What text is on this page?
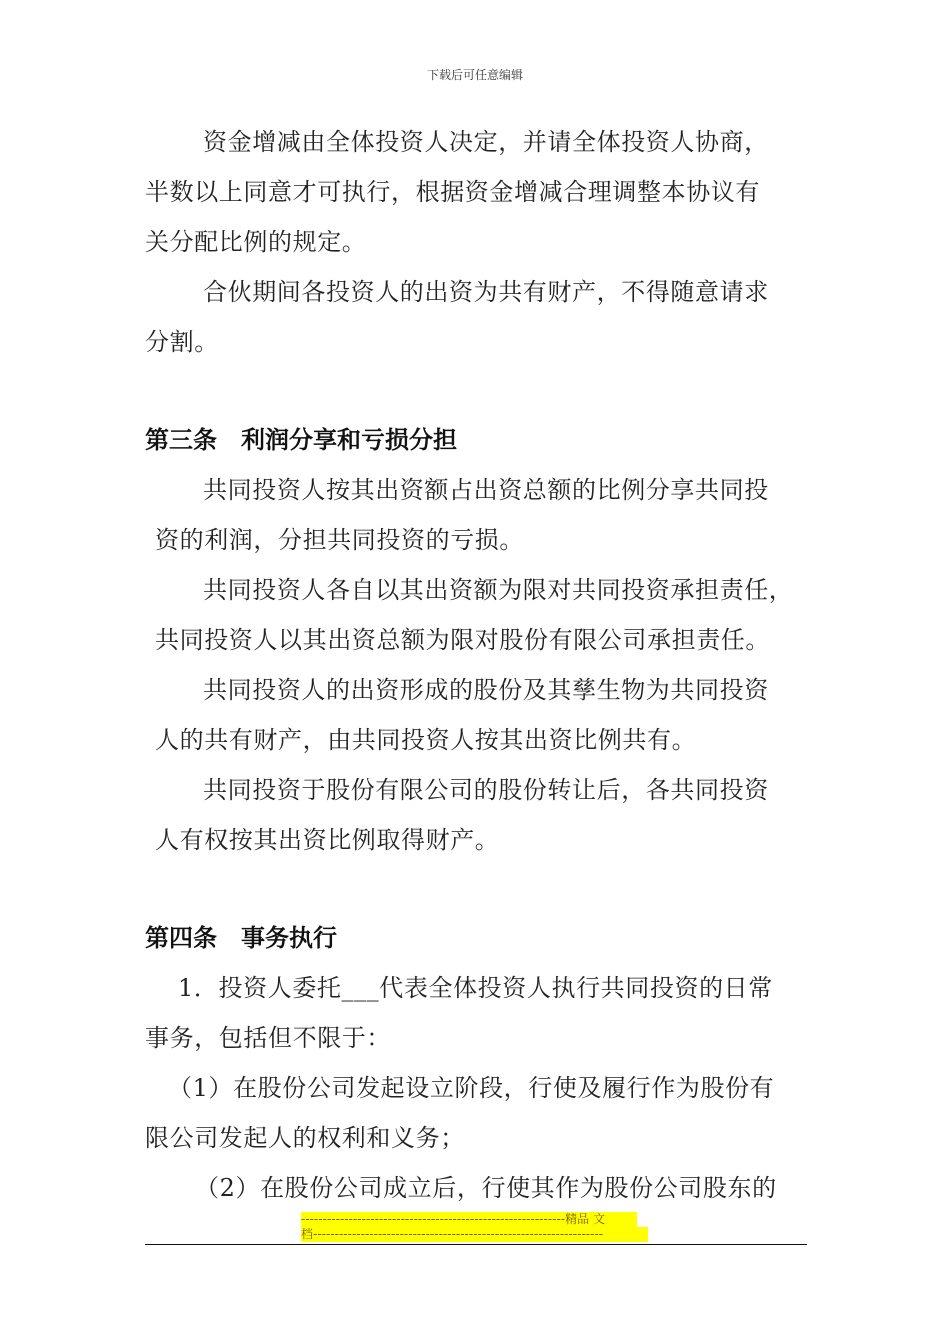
下载后可任意编辑
资金增减由全体投资人决定，并请全体投资人协商，
半数以上同意才可执行，根据资金增减合理调整本协议有
关分配比例的规定。
合伙期间各投资人的出资为共有财产，不得随意请求
分割。
第三条　利润分享和亏损分担
共同投资人按其出资额占出资总额的比例分享共同投
资的利润，分担共同投资的亏损。
共同投资人各自以其出资额为限对共同投资承担责任，
共同投资人以其出资总额为限对股份有限公司承担责任。
共同投资人的出资形成的股份及其孳生物为共同投资
人的共有财产，由共同投资人按其出资比例共有。
共同投资于股份有限公司的股份转让后，各共同投资
人有权按其出资比例取得财产。
第四条　事务执行
1．投资人委托___代表全体投资人执行共同投资的日常
事务，包括但不限于：
（1）在股份公司发起设立阶段，行使及履行作为股份有
限公司发起人的权利和义务；
（2）在股份公司成立后，行使其作为股份公司股东的
-------------------------------------------------------------精品 文
档-------------------------------------------------------------------
